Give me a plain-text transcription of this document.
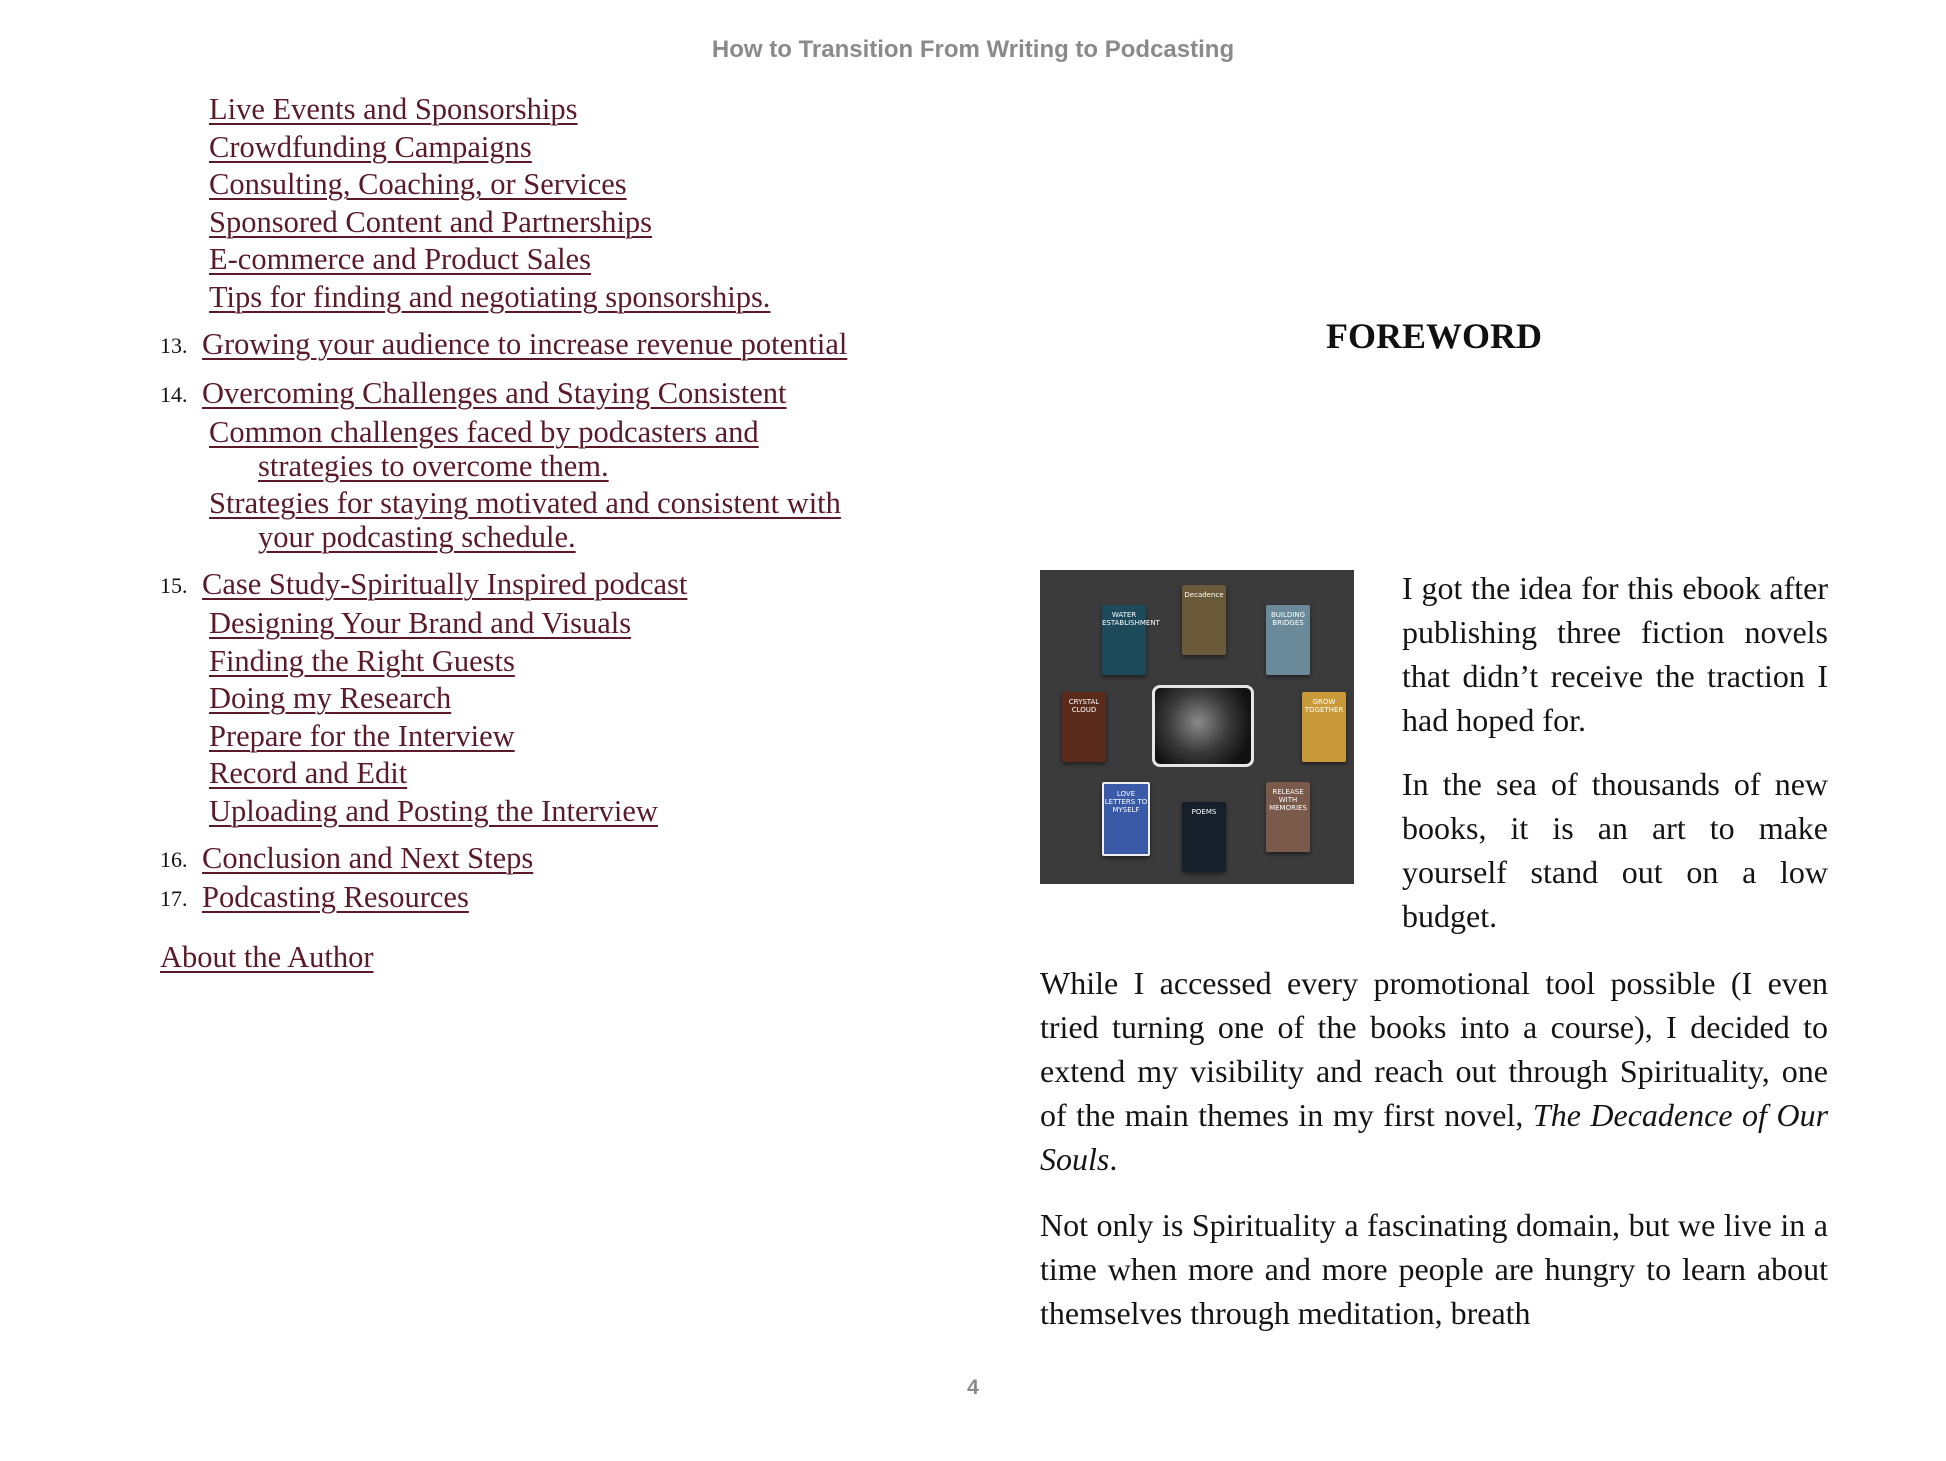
How to Transition From Writing to Podcasting
Live Events and Sponsorships
Crowdfunding Campaigns
Consulting, Coaching, or Services
Sponsored Content and Partnerships
E-commerce and Product Sales
Tips for finding and negotiating sponsorships.
13. Growing your audience to increase revenue potential
14. Overcoming Challenges and Staying Consistent
Common challenges faced by podcasters and strategies to overcome them.
Strategies for staying motivated and consistent with your podcasting schedule.
15. Case Study-Spiritually Inspired podcast
Designing Your Brand and Visuals
Finding the Right Guests
Doing my Research
Prepare for the Interview
Record and Edit
Uploading and Posting the Interview
16. Conclusion and Next Steps
17. Podcasting Resources
About the Author
FOREWORD
WATER ESTABLISHMENT
Decadence
BUILDING BRIDGES
CRYSTAL CLOUD
GROW TOGETHER
LOVE LETTERS TO MYSELF	POEMS
RELEASE WITH MEMORIES

I got the idea for this ebook after publishing three fiction novels that didn’t receive the traction I had hoped for.

In the sea of thousands of new books, it is an art to make yourself stand out on a low budget.

While I accessed every promotional tool possible (I even tried turning one of the books into a course), I decided to extend my visibility and reach out through Spirituality, one of the main themes in my first novel, The Decadence of Our Souls.

Not only is Spirituality a fascinating domain, but we live in a time when more and more people are hungry to learn about themselves through meditation, breath

4
